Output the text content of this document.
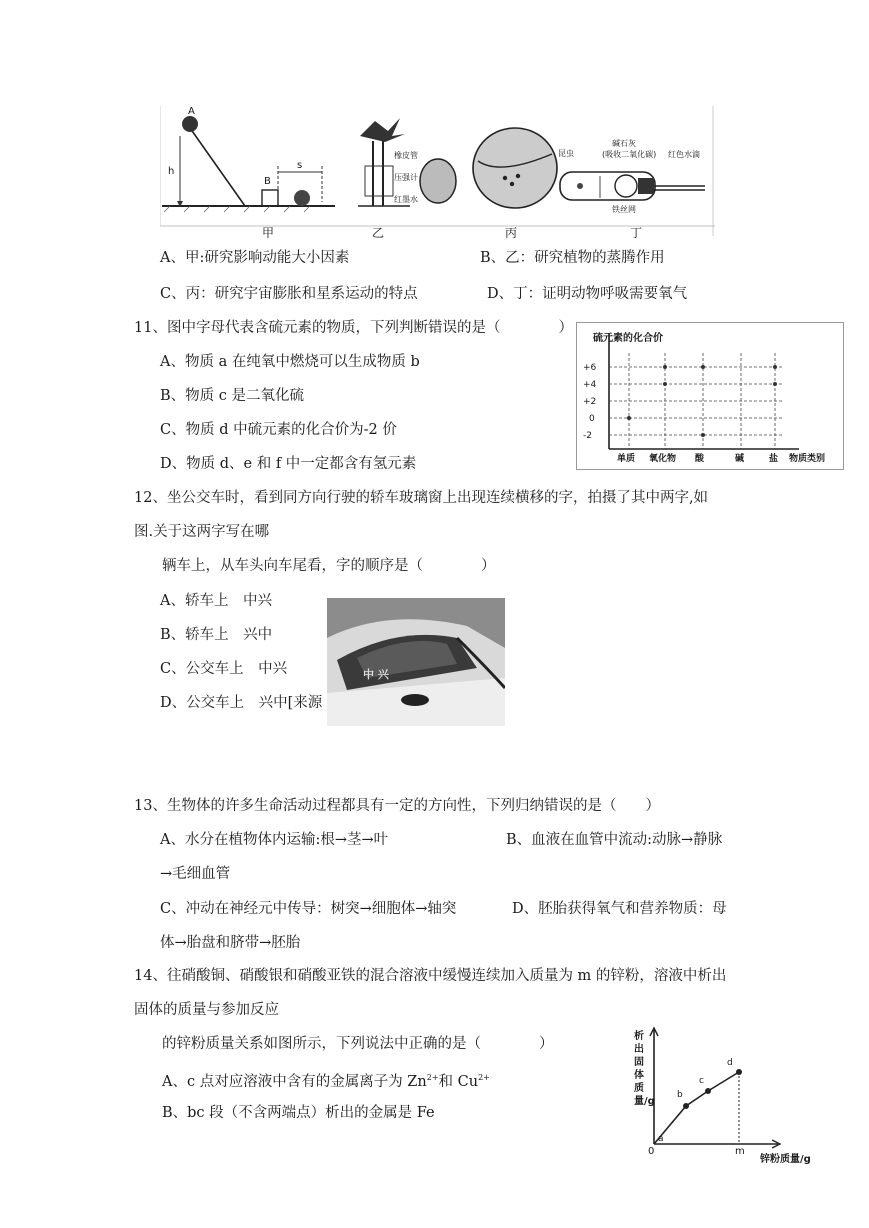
A
h
B
s
橡皮管
压强计
红墨水
昆虫
碱石灰
(吸收二氧化碳) 红色水滴
铁丝网
甲	乙	丙	丁
A、甲:研究影响动能大小因素	B、乙：研究植物的蒸腾作用
C、丙：研究宇宙膨胀和星系运动的特点	D、丁：证明动物呼吸需要氧气
11、图中字母代表含硫元素的物质，下列判断错误的是（　　　　）
A、物质 a 在纯氧中燃烧可以生成物质 b
B、物质 c 是二氧化硫
C、物质 d 中硫元素的化合价为-2 价
D、物质 d、e 和 f 中一定都含有氢元素
硫元素的化合价
物质类别
+6
+4
+2
0
-2
单质 氧化物 酸	碱	盐
12、坐公交车时，看到同方向行驶的轿车玻璃窗上出现连续横移的字，拍摄了其中两字,如
图.关于这两字写在哪
辆车上，从车头向车尾看，字的顺序是（　　　　）
A、轿车上　中兴
B、轿车上　兴中
C、公交车上　中兴
D、公交车上　兴中[来源
中 兴
13、生物体的许多生命活动过程都具有一定的方向性，下列归纳错误的是（　　）
A、水分在植物体内运输:根→茎→叶	B、血液在血管中流动:动脉→静脉
→毛细血管
C、冲动在神经元中传导：树突→细胞体→轴突	D、胚胎获得氧气和营养物质：母
体→胎盘和脐带→胚胎
14、往硝酸铜、硝酸银和硝酸亚铁的混合溶液中缓慢连续加入质量为 m 的锌粉，溶液中析出
固体的质量与参加反应
的锌粉质量关系如图所示，下列说法中正确的是（　　　　）
A、c 点对应溶液中含有的金属离子为 $Zn^{2+}$和 $Cu^{2+}$
B、bc 段（不含两端点）析出的金属是 Fe
析出固体质量/g
锌粉质量/g
0	m
a
b
c
d
